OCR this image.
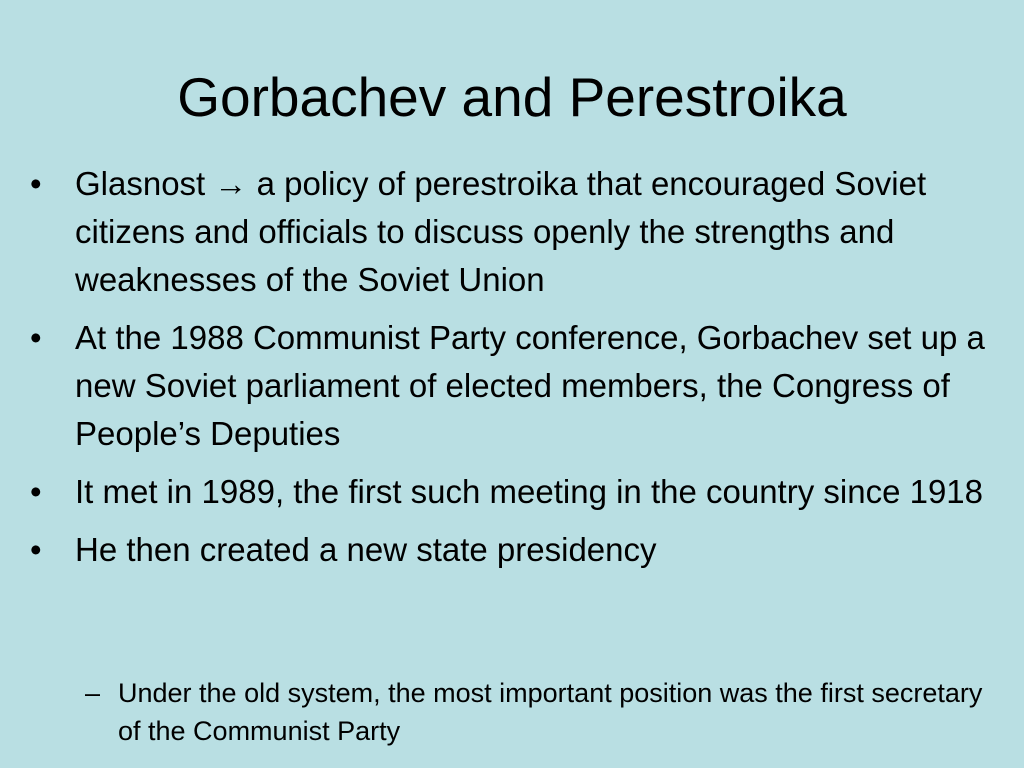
Gorbachev and Perestroika
• Glasnost → a policy of perestroika that encouraged Soviet citizens and officials to discuss openly the strengths and weaknesses of the Soviet Union
• At the 1988 Communist Party conference, Gorbachev set up a new Soviet parliament of elected members, the Congress of People’s Deputies
• It met in 1989, the first such meeting in the country since 1918
• He then created a new state presidency
– Under the old system, the most important position was the first secretary of the Communist Party
